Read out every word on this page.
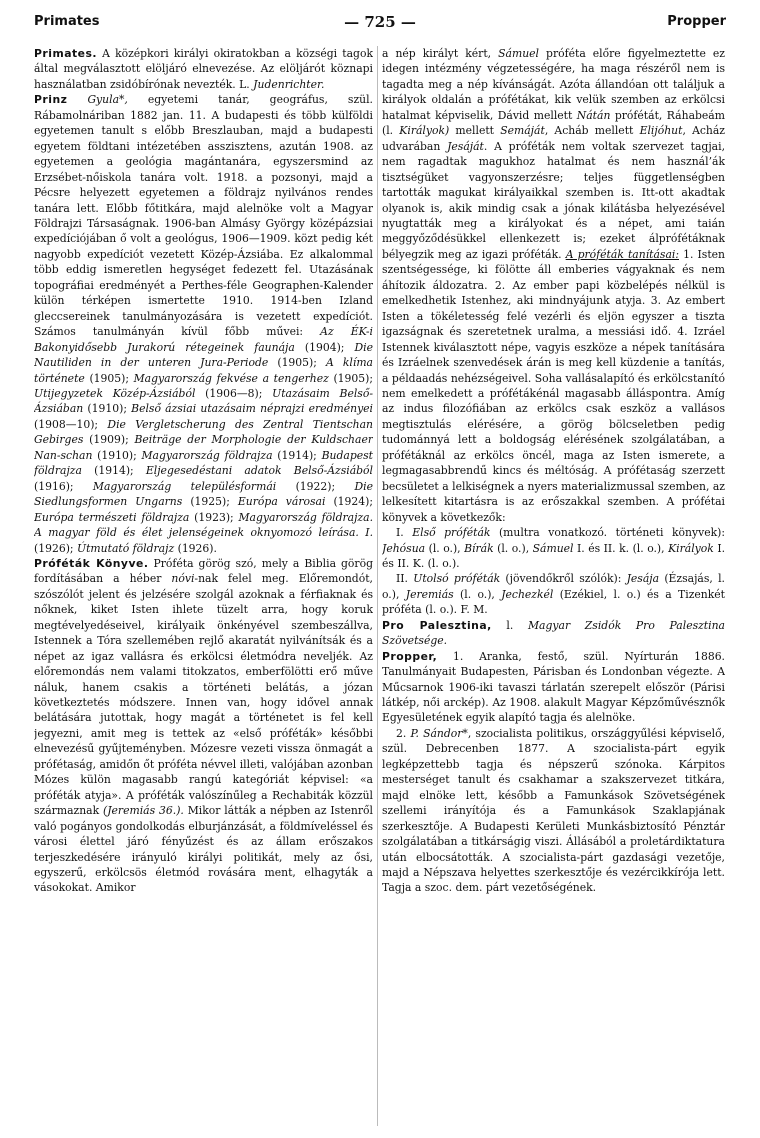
Primates	— 725 —	Propper

Primates. A középkori királyi okiratokban a községi tagok által megválasztott elöljáró elnevezése. Az elöljárót köznapi használatban zsidóbírónak nevezték. L. Judenrichter.

Prinz Gyula*, egyetemi tanár, geográfus, szül. Rábamolnáriban 1882 jan. 11. A budapesti és több külföldi egyetemen tanult s előbb Breszlauban, majd a budapesti egyetem földtani intézetében asszisztens, azután 1908. az egyetemen a geológia magántanára, egyszersmind az Erzsébet-nőiskola tanára volt. 1918. a pozsonyi, majd a Pécsre helyezett egyetemen a földrajz nyilvános rendes tanára lett. Előbb főtitkára, majd alelnöke volt a Magyar Földrajzi Társaságnak. 1906-ban Almásy György középázsiai expedíciójában ő volt a geológus, 1906—1909. közt pedig két nagyobb expedíciót vezetett Közép-Ázsiába. Ez alkalommal több eddig ismeretlen hegységet fedezett fel. Utazásának topográfiai eredményét a Perthes-féle Geographen-Kalender külön térképen ismertette 1910. 1914-ben Izland gleccsereinek tanulmányozására is vezetett expedíciót. Számos tanulmányán kívül főbb művei: Az ÉK-i Bakonyidősebb Jurakorú rétegeinek faunája (1904); Die Nautiliden in der unteren Jura-Periode (1905); A klíma története (1905); Magyarország fekvése a tengerhez (1905); Utijegyzetek Közép-Ázsiából (1906—8); Utazásaim Belső-Ázsiában (1910); Belső ázsiai utazásaim néprajzi eredményei (1908—10); Die Vergletscherung des Zentral Tientschan Gebirges (1909); Beiträge der Morphologie der Kuldschaer Nan-schan (1910); Magyarország földrajza (1914); Budapest földrajza (1914); Eljegesedéstani adatok Belső-Ázsiából (1916); Magyarország településformái (1922); Die Siedlungsformen Ungarns (1925); Európa városai (1924); Európa természeti földrajza (1923); Magyarország földrajza. A magyar föld és élet jelenségeinek oknyomozó leírása. I. (1926); Útmutató földrajz (1926).

Próféták Könyve. Próféta görög szó, mely a Biblia görög fordításában a héber nóvi-nak felel meg. Előremondót, szószólót jelent és jelzésére szolgál azoknak a férfiaknak és nőknek, kiket Isten ihlete tüzelt arra, hogy koruk megtévelyedéseivel, királyaik önkényével szembeszállva, Istennek a Tóra szellemében rejlő akaratát nyilvánítsák és a népet az igaz vallásra és erkölcsi életmódra neveljék. Az előremondás nem valami titokzatos, emberfölötti erő műve náluk, hanem csakis a történeti belátás, a józan következtetés módszere. Innen van, hogy idővel annak belátására jutottak, hogy magát a történetet is fel kell jegyezni, amit meg is tettek az «első próféták» későbbi elnevezésű gyűjteményben. Mózesre vezeti vissza önmagát a prófétaság, amidőn őt próféta névvel illeti, valójában azonban Mózes külön magasabb rangú kategóriát képvisel: «a próféták atyja». A próféták valószínűleg a Rechabiták közzül származnak (Jeremiás 36.). Mikor látták a népben az Istenről való pogányos gondolkodás elburjánzását, a földmíveléssel és városi élettel járó fényűzést és az állam erőszakos terjeszkedésére irányuló királyi politikát, mely az ősi, egyszerű, erkölcsös életmód rovására ment, elhagyták a vásokokat. Amikor

a nép királyt kért, Sámuel próféta előre figyelmeztette ez idegen intézmény végzetességére, ha maga részéről nem is tagadta meg a nép kívánságát. Azóta állandóan ott találjuk a királyok oldalán a prófétákat, kik velük szemben az erkölcsi hatalmat képviselik, Dávid mellett Nátán prófétát, Ráhabeám (l. Királyok) mellett Semáját, Acháb mellett Elijóhut, Acház udvarában Jesáját. A próféták nem voltak szervezet tagjai, nem ragadtak magukhoz hatalmat és nem használ’ák tisztségüket vagyonszerzésre; teljes függetlenségben tartották magukat királyaikkal szemben is. Itt-ott akadtak olyanok is, akik mindig csak a jónak kilátásba helyezésével nyugtatták meg a királyokat és a népet, ami taián meggyőződésükkel ellenkezett is; ezeket álprófétáknak bélyegzik meg az igazi próféták. A próféták tanításai: 1. Isten szentségessége, ki fölötte áll emberies vágyaknak és nem áhítozik áldozatra. 2. Az ember papi közbelépés nélkül is emelkedhetik Istenhez, aki mindnyájunk atyja. 3. Az embert Isten a tökéletesség felé vezérli és eljön egyszer a tiszta igazságnak és szeretetnek uralma, a messiási idő. 4. Izráel Istennek kiválasztott népe, vagyis eszköze a népek tanítására és Izráelnek szenvedések árán is meg kell küzdenie a tanítás, a példaadás nehézségeivel. Soha vallásalapító és erkölcstanító nem emelkedett a prófétákénál magasabb álláspontra. Amíg az indus filozófiában az erkölcs csak eszköz a vallásos megtisztulás elérésére, a görög bölcseletben pedig tudománnyá lett a boldogság elérésének szolgálatában, a prófétáknál az erkölcs öncél, maga az Isten ismerete, a legmagasabbrendű kincs és méltóság. A prófétaság szerzett becsületet a lelkiségnek a nyers materializmussal szemben, az lelkesített kitartásra is az erőszakkal szemben. A prófétai könyvek a következők:

I. Első próféták (multra vonatkozó. történeti könyvek): Jehósua (l. o.), Bírák (l. o.), Sámuel I. és II. k. (l. o.), Királyok I. és II. K. (l. o.).

II. Utolsó próféták (jövendőkről szólók): Jesája (Ézsajás, l. o.), Jeremiás (l. o.), Jechezkél (Ezékiel, l. o.) és a Tizenkét próféta (l. o.). F. M.

Pro Palesztina, l. Magyar Zsidók Pro Palesztina Szövetsége.

Propper, 1. Aranka, festő, szül. Nyírturán 1886. Tanulmányait Budapesten, Párisban és Londonban végezte. A Műcsarnok 1906-iki tavaszi tárlatán szerepelt először (Párisi látkép, női arckép). Az 1908. alakult Magyar Képzőművésznők Egyesületének egyik alapító tagja és alelnöke.

2. P. Sándor*, szocialista politikus, országgyűlési képviselő, szül. Debrecenben 1877. A szocialista-párt egyik legképzettebb tagja és népszerű szónoka. Kárpitos mesterséget tanult és csakhamar a szakszervezet titkára, majd elnöke lett, később a Famunkások Szövetségének szellemi irányítója és a Famunkások Szaklapjának szerkesztője. A Budapesti Kerületi Munkásbiztosító Pénztár szolgálatában a titkárságig viszi. Állásából a proletárdiktatura után elbocsátották. A szocialista-párt gazdasági vezetője, majd a Népszava helyettes szerkesztője és vezércikkírója lett. Tagja a szoc. dem. párt vezetőségének.
